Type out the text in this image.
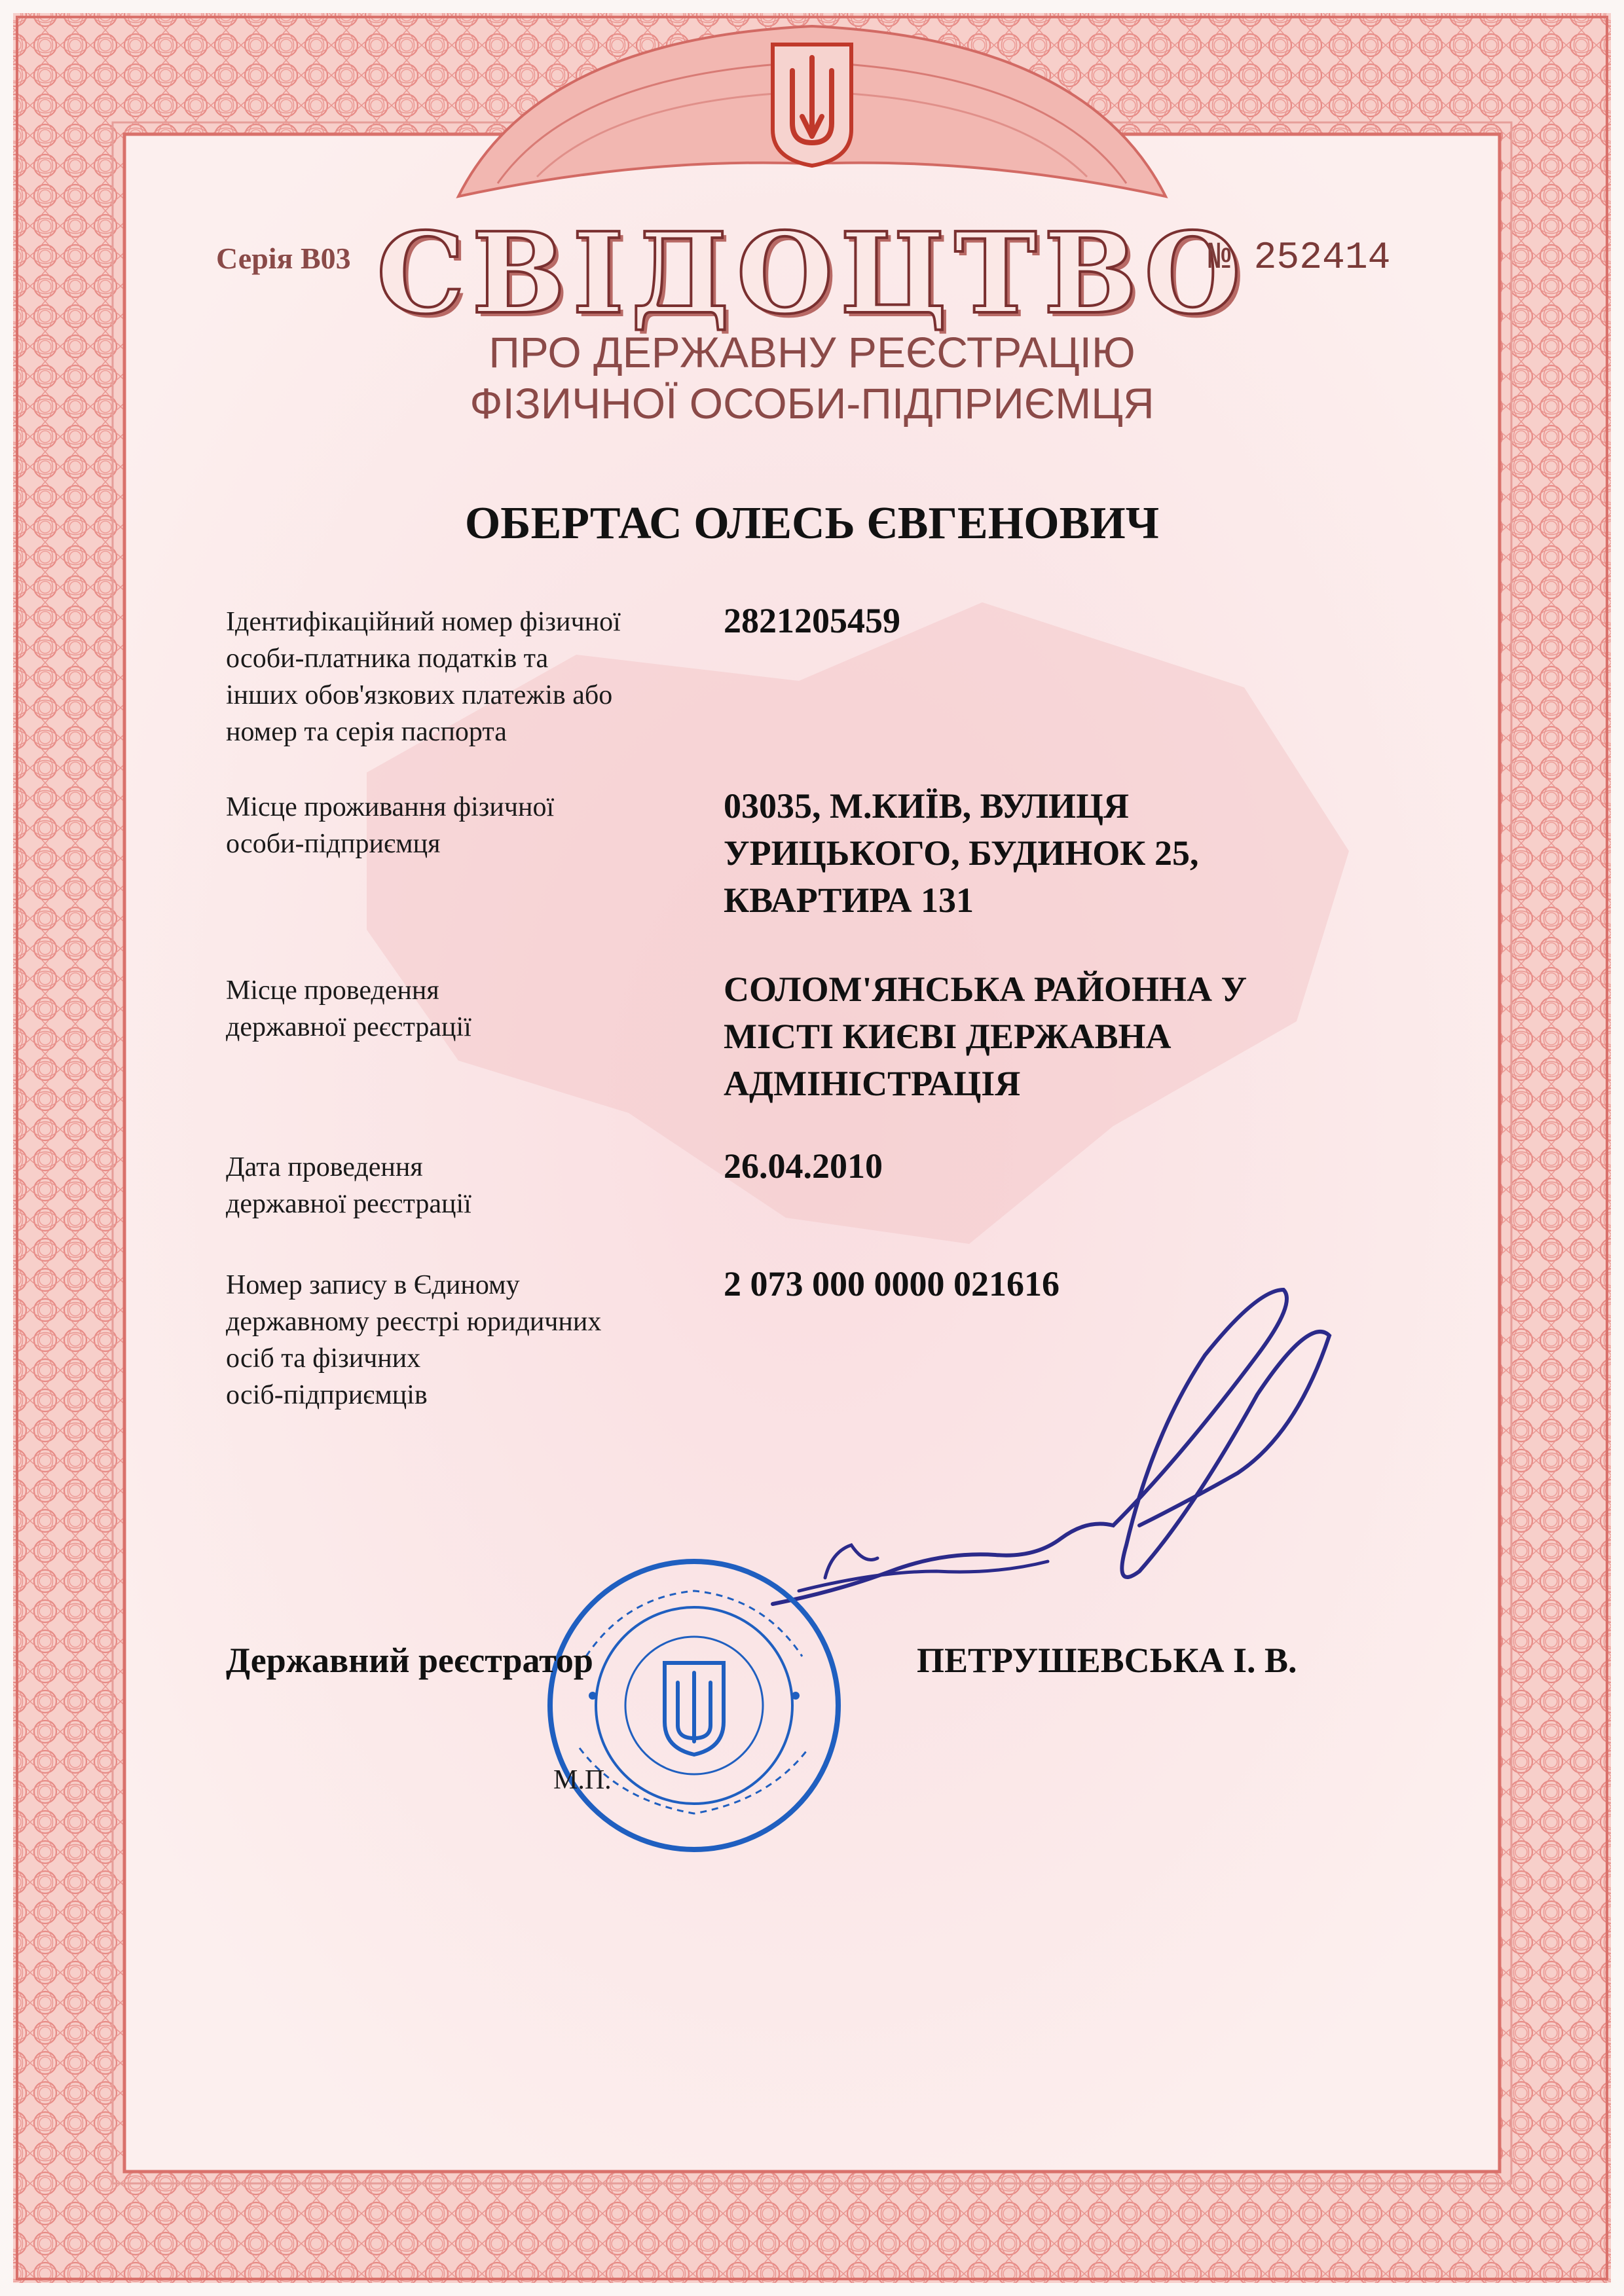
Серія В03 СВІДОЦТВО

№ 252414

ПРО ДЕРЖАВНУ РЕЄСТРАЦІЮ

ФІЗИЧНОЇ ОСОБИ-ПІДПРИЄМЦЯ

ОБЕРТАС ОЛЕСЬ ЄВГЕНОВИЧ

Ідентифікаційний номер фізичної
особи-платника податків та
інших обов'язкових платежів або
номер та серія паспорта

2821205459

Місце проживання фізичної
особи-підприємця

03035, М.КИЇВ, ВУЛИЦЯ
УРИЦЬКОГО, БУДИНОК 25,
КВАРТИРА 131

Місце проведення
державної реєстрації

СОЛОМ'ЯНСЬКА РАЙОННА У
МІСТІ КИЄВІ ДЕРЖАВНА
АДМІНІСТРАЦІЯ

Дата проведення
державної реєстрації

26.04.2010

Номер запису в Єдиному
державному реєстрі юридичних
осіб та фізичних
осіб-підприємців

2 073 000 0000 021616

Державний реєстратор	ПЕТРУШЕВСЬКА І. В.

М.П.
